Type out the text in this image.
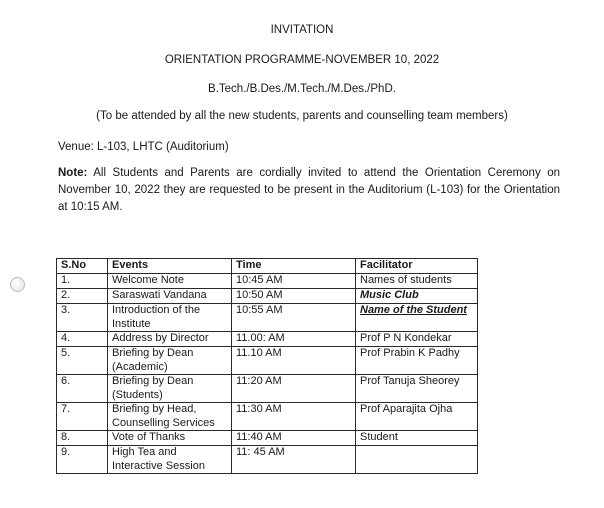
INVITATION
ORIENTATION PROGRAMME-NOVEMBER 10, 2022
B.Tech./B.Des./M.Tech./M.Des./PhD.
(To be attended by all the new students, parents and counselling team members)
Venue: L-103, LHTC (Auditorium)
Note: All Students and Parents are cordially invited to attend the Orientation Ceremony on November 10, 2022 they are requested to be present in the Auditorium (L-103) for the Orientation at 10:15 AM.
S.No	Events	Time	Facilitator
1.	Welcome Note	10:45 AM	Names of students
2.	Saraswati Vandana	10:50 AM	Music Club
3.	Introduction of the Institute	10:55 AM	Name of the Student
4.	Address by Director	11.00: AM	Prof P N Kondekar
5.	Briefing by Dean (Academic)	11.10 AM	Prof Prabin K Padhy
6.	Briefing by Dean (Students)	11:20 AM	Prof Tanuja Sheorey
7.	Briefing by Head, Counselling Services	11:30 AM	Prof Aparajita Ojha
8.	Vote of Thanks	11:40 AM	Student
9.	High Tea and Interactive Session	11: 45 AM	
